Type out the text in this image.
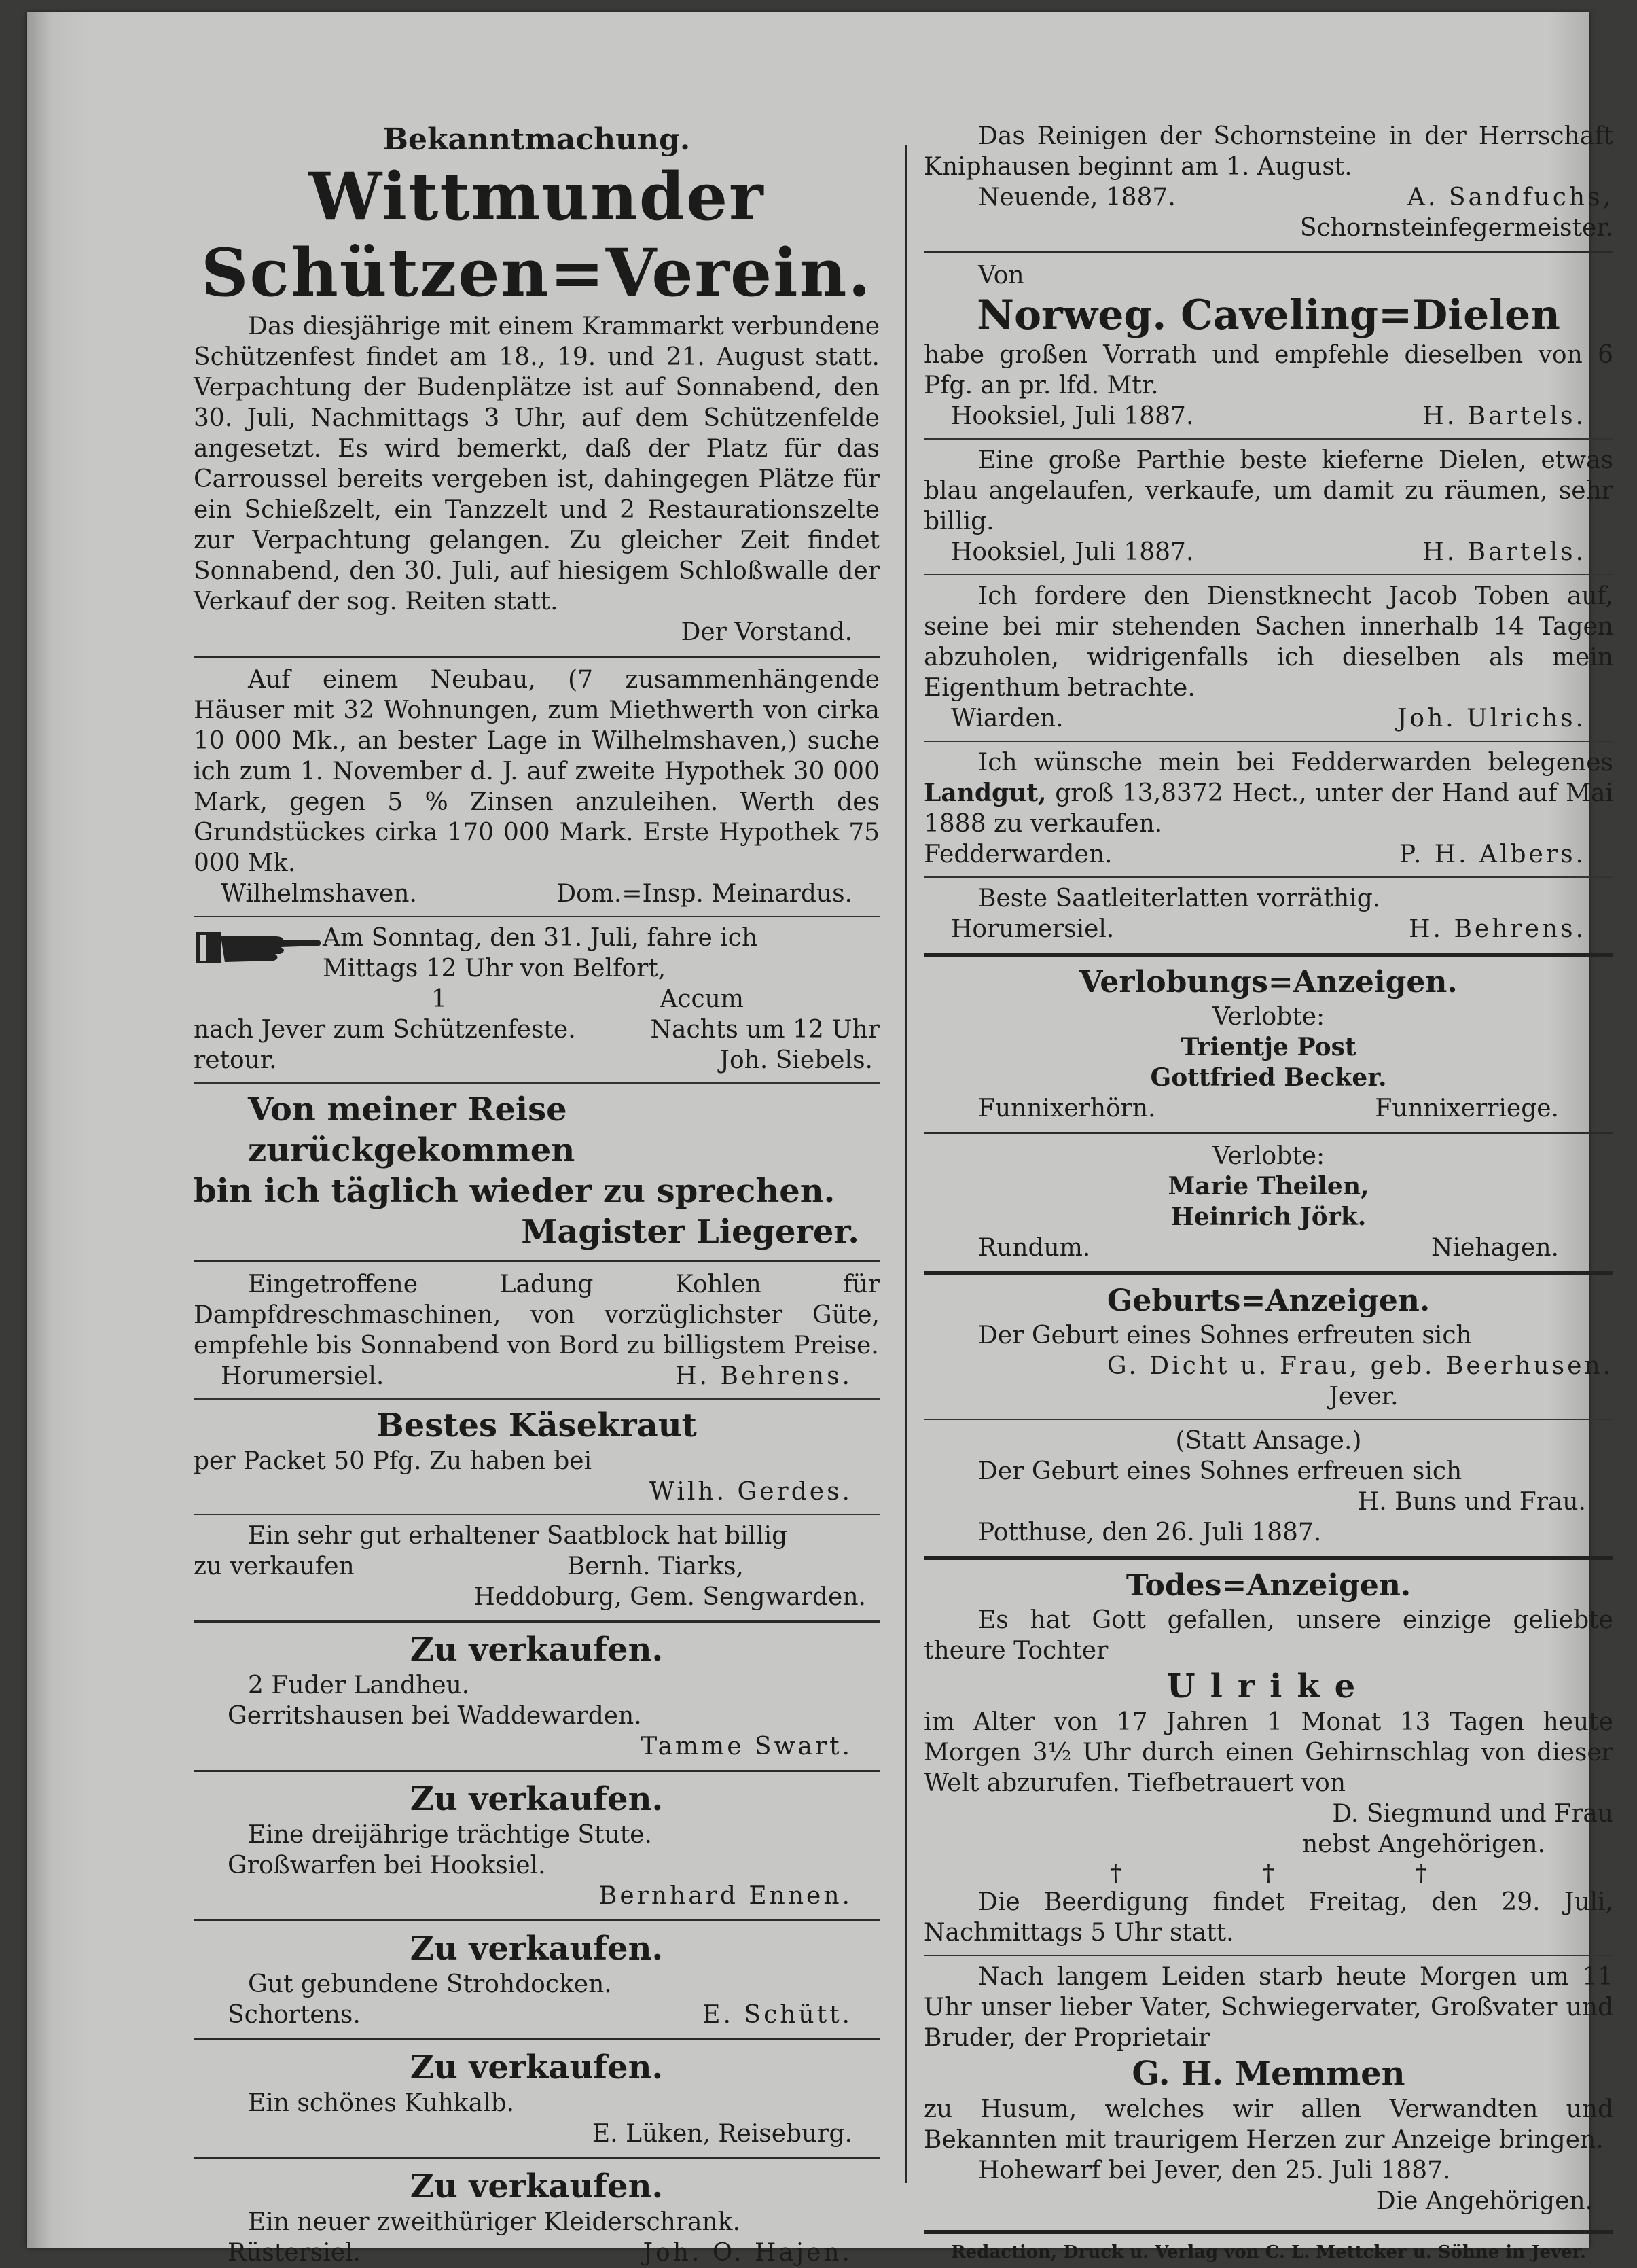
Bekanntmachung.

Wittmunder

Schützen=Verein.

Das diesjährige mit einem Krammarkt verbundene Schützenfest findet am 18., 19. und 21. August statt. Verpachtung der Budenplätze ist auf Sonnabend, den 30. Juli, Nachmittags 3 Uhr, auf dem Schützenfelde angesetzt. Es wird bemerkt, daß der Platz für das Carroussel bereits vergeben ist, dahingegen Plätze für ein Schießzelt, ein Tanzzelt und 2 Restaurationszelte zur Verpachtung gelangen. Zu gleicher Zeit findet Sonnabend, den 30. Juli, auf hiesigem Schloßwalle der Verkauf der sog. Reiten statt.

Der Vorstand.

Auf einem Neubau, (7 zusammenhängende Häuser mit 32 Wohnungen, zum Miethwerth von cirka 10 000 Mk., an bester Lage in Wilhelmshaven,) suche ich zum 1. November d. J. auf zweite Hypothek 30 000 Mark, gegen 5 % Zinsen anzuleihen. Werth des Grundstückes cirka 170 000 Mark. Erste Hypothek 75 000 Mk.

Wilhelmshaven.	Dom.=Insp. Meinardus.

Am Sonntag, den 31. Juli, fahre ich

Mittags 12 Uhr von Belfort,

1	Accum
nach Jever zum Schützenfeste.	Nachts um 12 Uhr
retour.	Joh. Siebels.

Von meiner Reise zurückgekommen

bin ich täglich wieder zu sprechen.

Magister Liegerer.

Eingetroffene Ladung Kohlen für Dampfdreschmaschinen, von vorzüglichster Güte, empfehle bis Sonnabend von Bord zu billigstem Preise.

Horumersiel.	H. Behrens.

Bestes Käsekraut

per Packet 50 Pfg. Zu haben bei

Wilh. Gerdes.

Ein sehr gut erhaltener Saatblock hat billig

zu verkaufen	Bernh. Tiarks,

Heddoburg, Gem. Sengwarden.

Zu verkaufen.

2 Fuder Landheu.

Gerritshausen bei Waddewarden.

Tamme Swart.

Zu verkaufen.

Eine dreijährige trächtige Stute.

Großwarfen bei Hooksiel.

Bernhard Ennen.

Zu verkaufen.

Gut gebundene Strohdocken.

Schortens.	E. Schütt.

Zu verkaufen.

Ein schönes Kuhkalb.

E. Lüken, Reiseburg.

Zu verkaufen.

Ein neuer zweithüriger Kleiderschrank.

Rüstersiel.	Joh. O. Hajen.

Das Reinigen der Schornsteine in der Herrschaft Kniphausen beginnt am 1. August.

Neuende, 1887.	A. Sandfuchs,

Schornsteinfegermeister.

Von

Norweg. Caveling=Dielen

habe großen Vorrath und empfehle dieselben von 6 Pfg. an pr. lfd. Mtr.

Hooksiel, Juli 1887.	H. Bartels.

Eine große Parthie beste kieferne Dielen, etwas blau angelaufen, verkaufe, um damit zu räumen, sehr billig.

Hooksiel, Juli 1887.	H. Bartels.

Ich fordere den Dienstknecht Jacob Toben auf, seine bei mir stehenden Sachen innerhalb 14 Tagen abzuholen, widrigenfalls ich dieselben als mein Eigenthum betrachte.

Wiarden.	Joh. Ulrichs.

Ich wünsche mein bei Fedderwarden belegenes Landgut, groß 13,8372 Hect., unter der Hand auf Mai 1888 zu verkaufen.

Fedderwarden.	P. H. Albers.

Beste Saatleiterlatten vorräthig.

Horumersiel.	H. Behrens.

Verlobungs=Anzeigen.

Verlobte:

Trientje Post

Gottfried Becker.

Funnixerhörn.	Funnixerriege.

Verlobte:

Marie Theilen,

Heinrich Jörk.

Rundum.	Niehagen.

Geburts=Anzeigen.

Der Geburt eines Sohnes erfreuten sich

G. Dicht u. Frau, geb. Beerhusen.

Jever.

(Statt Ansage.)

Der Geburt eines Sohnes erfreuen sich

H. Buns und Frau.

Potthuse, den 26. Juli 1887.

Todes=Anzeigen.

Es hat Gott gefallen, unsere einzige geliebte theure Tochter

Ulrike

im Alter von 17 Jahren 1 Monat 13 Tagen heute Morgen 3½ Uhr durch einen Gehirnschlag von dieser Welt abzurufen. Tiefbetrauert von

D. Siegmund und Frau

nebst Angehörigen.

†	†	†

Die Beerdigung findet Freitag, den 29. Juli, Nachmittags 5 Uhr statt.

Nach langem Leiden starb heute Morgen um 11 Uhr unser lieber Vater, Schwiegervater, Großvater und Bruder, der Proprietair

G. H. Memmen

zu Husum, welches wir allen Verwandten und Bekannten mit traurigem Herzen zur Anzeige bringen.

Hohewarf bei Jever, den 25. Juli 1887.

Die Angehörigen.

Redaction, Druck u. Verlag von C. L. Mettcker u. Söhne in Jever.
